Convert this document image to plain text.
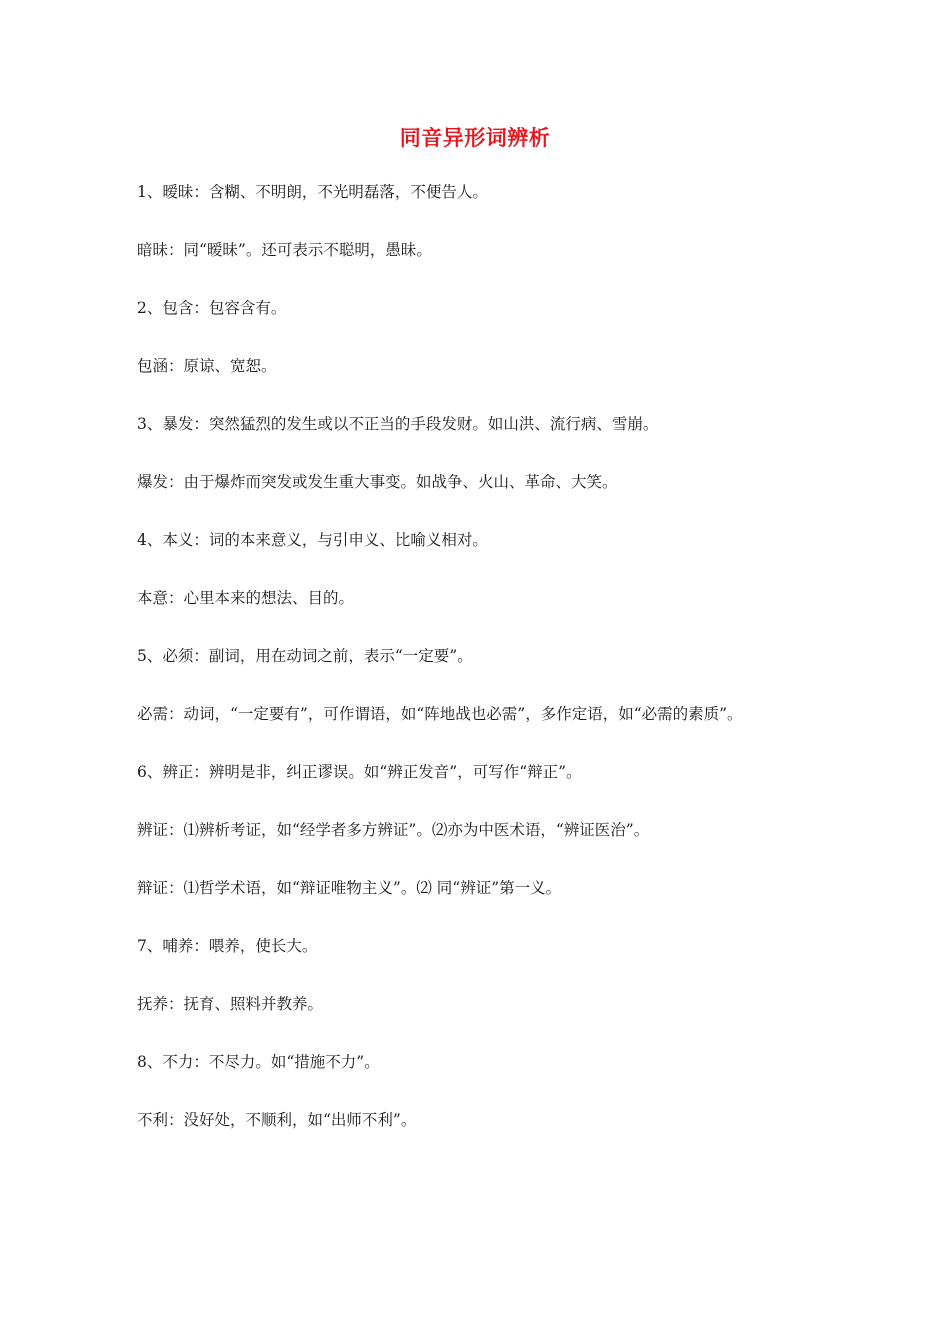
同音异形词辨析
1、暧昧：含糊、不明朗，不光明磊落，不便告人。
暗昧：同“暧昧”。还可表示不聪明，愚昧。
2、包含：包容含有。
包涵：原谅、宽恕。
3、暴发：突然猛烈的发生或以不正当的手段发财。如山洪、流行病、雪崩。
爆发：由于爆炸而突发或发生重大事变。如战争、火山、革命、大笑。
4、本义：词的本来意义，与引申义、比喻义相对。
本意：心里本来的想法、目的。
5、必须：副词，用在动词之前，表示“一定要”。
必需：动词，“一定要有”，可作谓语，如“阵地战也必需”，多作定语，如“必需的素质”。
6、辨正：辨明是非，纠正谬误。如“辨正发音”，可写作“辩正”。
辨证：⑴辨析考证，如“经学者多方辨证”。⑵亦为中医术语，“辨证医治”。
辩证：⑴哲学术语，如“辩证唯物主义”。⑵ 同“辨证”第一义。
7、哺养：喂养，使长大。
抚养：抚育、照料并教养。
8、不力：不尽力。如“措施不力”。
不利：没好处，不顺利，如“出师不利”。
